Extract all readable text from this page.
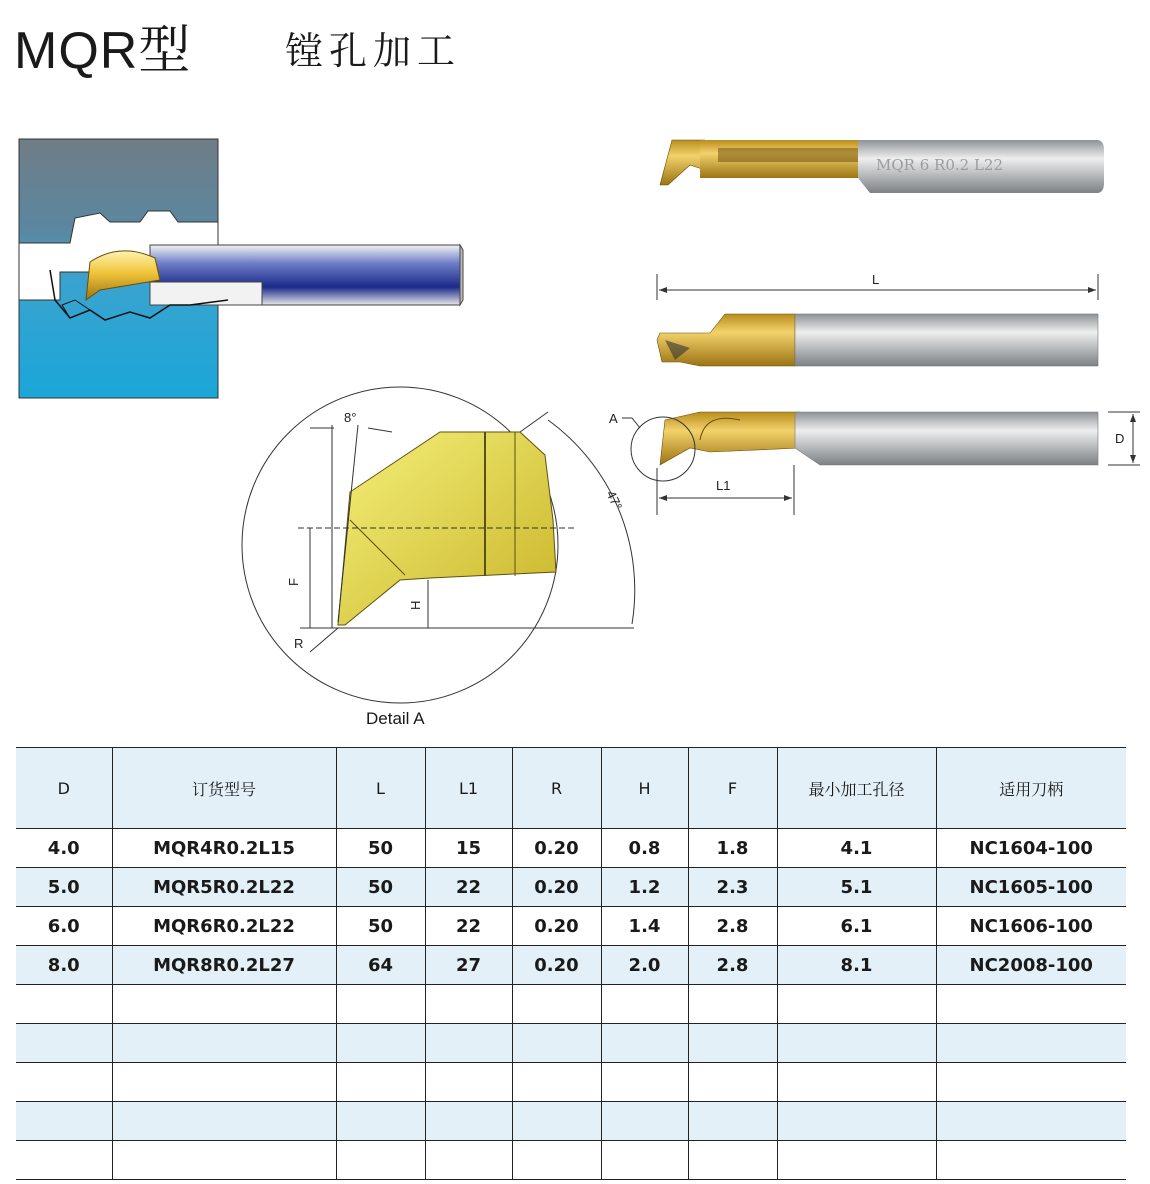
MQR型 镗孔加工
8°
F
H
R
47°
MQR 6 R0.2 L22
L
A
L1
D
Detail A
D	订货型号	L	L1	R	H	F	最小加工孔径	适用刀柄
4.0	MQR4R0.2L15	50	15	0.20	0.8	1.8	4.1	NC1604-100
5.0	MQR5R0.2L22	50	22	0.20	1.2	2.3	5.1	NC1605-100
6.0	MQR6R0.2L22	50	22	0.20	1.4	2.8	6.1	NC1606-100
8.0	MQR8R0.2L27	64	27	0.20	2.0	2.8	8.1	NC2008-100
